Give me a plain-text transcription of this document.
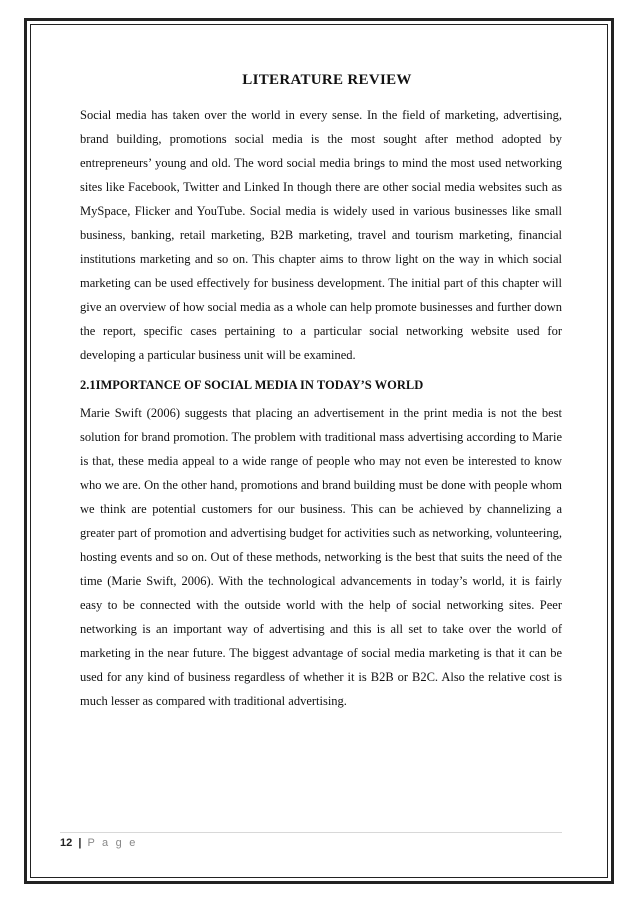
LITERATURE REVIEW

Social media has taken over the world in every sense. In the field of marketing, advertising, brand building, promotions social media is the most sought after method adopted by entrepreneurs’ young and old. The word social media brings to mind the most used networking sites like Facebook, Twitter and Linked In though there are other social media websites such as MySpace, Flicker and YouTube. Social media is widely used in various businesses like small business, banking, retail marketing, B2B marketing, travel and tourism marketing, financial institutions marketing and so on. This chapter aims to throw light on the way in which social marketing can be used effectively for business development. The initial part of this chapter will give an overview of how social media as a whole can help promote businesses and further down the report, specific cases pertaining to a particular social networking website used for developing a particular business unit will be examined.

2.1IMPORTANCE OF SOCIAL MEDIA IN TODAY’S WORLD

Marie Swift (2006) suggests that placing an advertisement in the print media is not the best solution for brand promotion. The problem with traditional mass advertising according to Marie is that, these media appeal to a wide range of people who may not even be interested to know who we are. On the other hand, promotions and brand building must be done with people whom we think are potential customers for our business. This can be achieved by channelizing a greater part of promotion and advertising budget for activities such as networking, volunteering, hosting events and so on. Out of these methods, networking is the best that suits the need of the time (Marie Swift, 2006). With the technological advancements in today’s world, it is fairly easy to be connected with the outside world with the help of social networking sites. Peer networking is an important way of advertising and this is all set to take over the world of marketing in the near future. The biggest advantage of social media marketing is that it can be used for any kind of business regardless of whether it is B2B or B2C. Also the relative cost is much lesser as compared with traditional advertising.

12 | P a g e
